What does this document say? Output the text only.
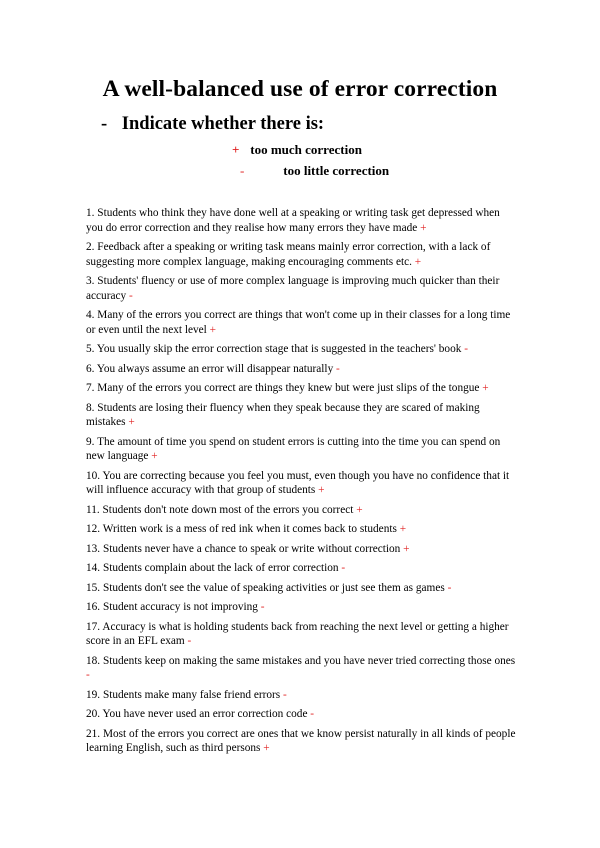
A well-balanced use of error correction
- Indicate whether there is:
+ too much correction
-	too little correction
1. Students who think they have done well at a speaking or writing task get depressed when you do error correction and they realise how many errors they have made +
2. Feedback after a speaking or writing task means mainly error correction, with a lack of suggesting more complex language, making encouraging comments etc. +
3. Students' fluency or use of more complex language is improving much quicker than their accuracy -
4. Many of the errors you correct are things that won't come up in their classes for a long time or even until the next level +
5. You usually skip the error correction stage that is suggested in the teachers' book -
6. You always assume an error will disappear naturally -
7. Many of the errors you correct are things they knew but were just slips of the tongue +
8. Students are losing their fluency when they speak because they are scared of making mistakes +
9. The amount of time you spend on student errors is cutting into the time you can spend on new language +
10. You are correcting because you feel you must, even though you have no confidence that it will influence accuracy with that group of students +
11. Students don't note down most of the errors you correct +
12. Written work is a mess of red ink when it comes back to students +
13. Students never have a chance to speak or write without correction +
14. Students complain about the lack of error correction -
15. Students don't see the value of speaking activities or just see them as games -
16. Student accuracy is not improving -
17. Accuracy is what is holding students back from reaching the next level or getting a higher score in an EFL exam -
18. Students keep on making the same mistakes and you have never tried correcting those ones -
19. Students make many false friend errors -
20. You have never used an error correction code -
21. Most of the errors you correct are ones that we know persist naturally in all kinds of people learning English, such as third persons +
